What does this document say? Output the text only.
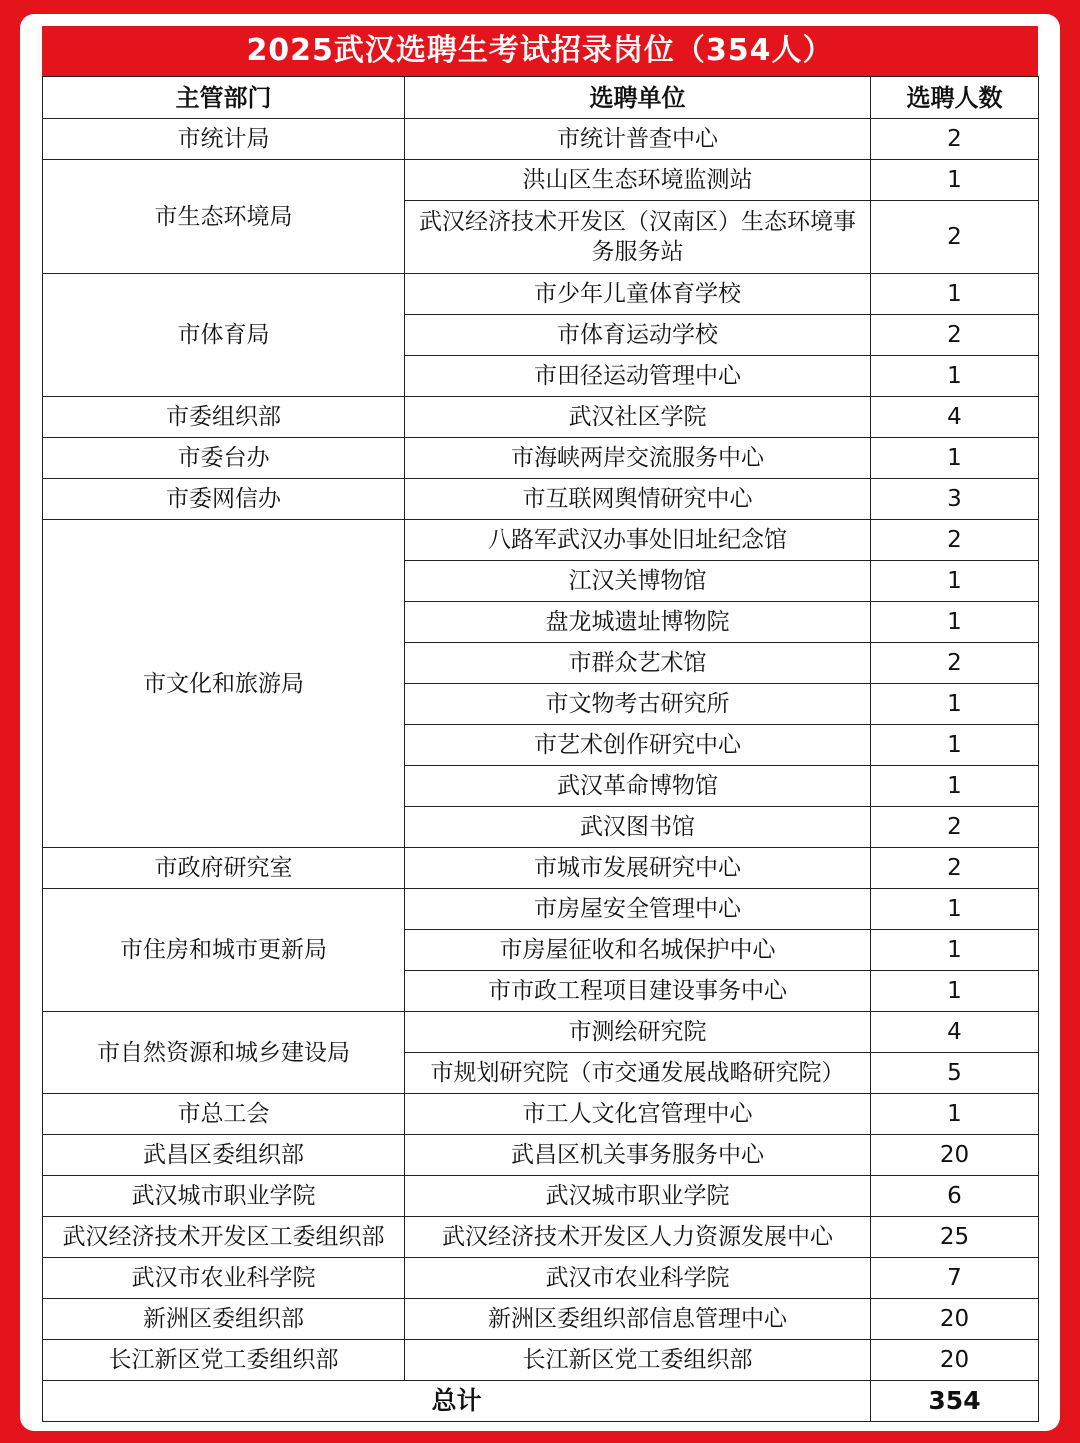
2025武汉选聘生考试招录岗位（354人）
主管部门	选聘单位	选聘人数
市统计局	市统计普查中心	2
市生态环境局	洪山区生态环境监测站	1
	武汉经济技术开发区（汉南区）生态环境事务服务站	2
市体育局	市少年儿童体育学校	1
	市体育运动学校	2
	市田径运动管理中心	1
市委组织部	武汉社区学院	4
市委台办	市海峡两岸交流服务中心	1
市委网信办	市互联网舆情研究中心	3
市文化和旅游局	八路军武汉办事处旧址纪念馆	2
	江汉关博物馆	1
	盘龙城遗址博物院	1
	市群众艺术馆	2
	市文物考古研究所	1
	市艺术创作研究中心	1
	武汉革命博物馆	1
	武汉图书馆	2
市政府研究室	市城市发展研究中心	2
市住房和城市更新局	市房屋安全管理中心	1
	市房屋征收和名城保护中心	1
	市市政工程项目建设事务中心	1
市自然资源和城乡建设局	市测绘研究院	4
	市规划研究院（市交通发展战略研究院）	5
市总工会	市工人文化宫管理中心	1
武昌区委组织部	武昌区机关事务服务中心	20
武汉城市职业学院	武汉城市职业学院	6
武汉经济技术开发区工委组织部	武汉经济技术开发区人力资源发展中心	25
武汉市农业科学院	武汉市农业科学院	7
新洲区委组织部	新洲区委组织部信息管理中心	20
长江新区党工委组织部	长江新区党工委组织部	20
总计		354
